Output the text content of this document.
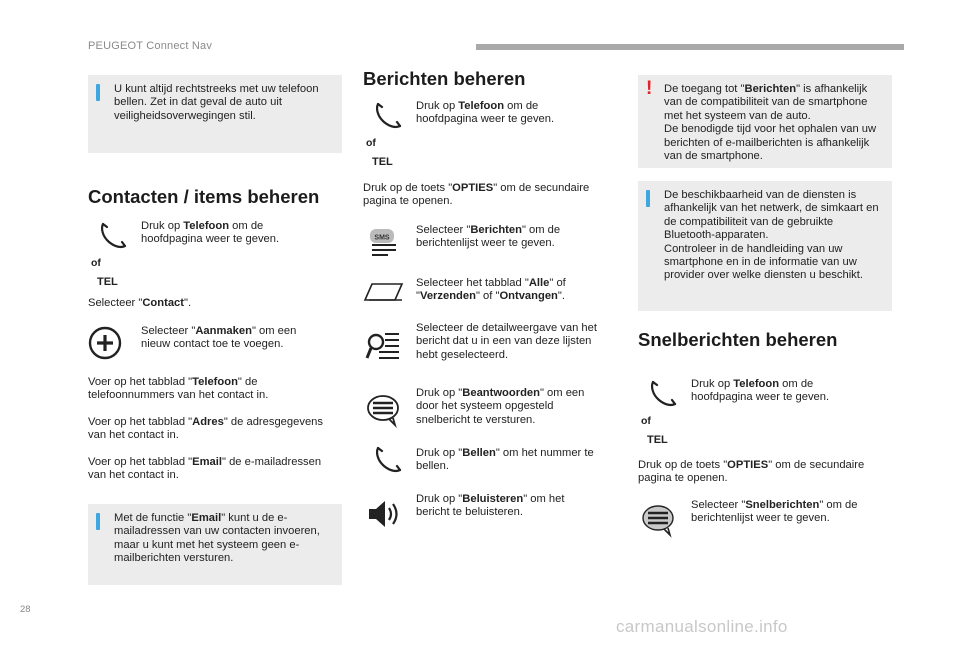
PEUGEOT Connect Nav

U kunt altijd rechtstreeks met uw telefoon bellen. Zet in dat geval de auto uit veiligheidsoverwegingen stil.

Contacten / items beheren
of
TEL

Druk op Telefoon om de hoofdpagina weer te geven.

Selecteer "Contact".

Selecteer "Aanmaken" om een nieuw contact toe te voegen.

Voer op het tabblad "Telefoon" de telefoonnummers van het contact in.

Voer op het tabblad "Adres" de adresgegevens van het contact in.

Voer op het tabblad "Email" de e-mailadressen van het contact in.

Met de functie "Email" kunt u de e-mailadressen van uw contacten invoeren, maar u kunt met het systeem geen e-mailberichten versturen.

Berichten beheren
of
TEL

Druk op Telefoon om de hoofdpagina weer te geven.

Druk op de toets "OPTIES" om de secundaire pagina te openen.

SMS

Selecteer "Berichten" om de berichtenlijst weer te geven.

Selecteer het tabblad "Alle" of "Verzenden" of "Ontvangen".

Selecteer de detailweergave van het bericht dat u in een van deze lijsten hebt geselecteerd.

Druk op "Beantwoorden" om een door het systeem opgesteld snelbericht te versturen.

Druk op "Bellen" om het nummer te bellen.

Druk op "Beluisteren" om het bericht te beluisteren.

! De toegang tot "Berichten" is afhankelijk van de compatibiliteit van de smartphone met het systeem van de auto.

De benodigde tijd voor het ophalen van uw berichten of e-mailberichten is afhankelijk van de smartphone.

De beschikbaarheid van de diensten is afhankelijk van het netwerk, de simkaart en de compatibiliteit van de gebruikte Bluetooth-apparaten.

Controleer in de handleiding van uw smartphone en in de informatie van uw provider over welke diensten u beschikt.

Snelberichten beheren
of
TEL

Druk op Telefoon om de hoofdpagina weer te geven.

Druk op de toets "OPTIES" om de secundaire pagina te openen.

Selecteer "Snelberichten" om de berichtenlijst weer te geven.

28
carmanualsonline.info
